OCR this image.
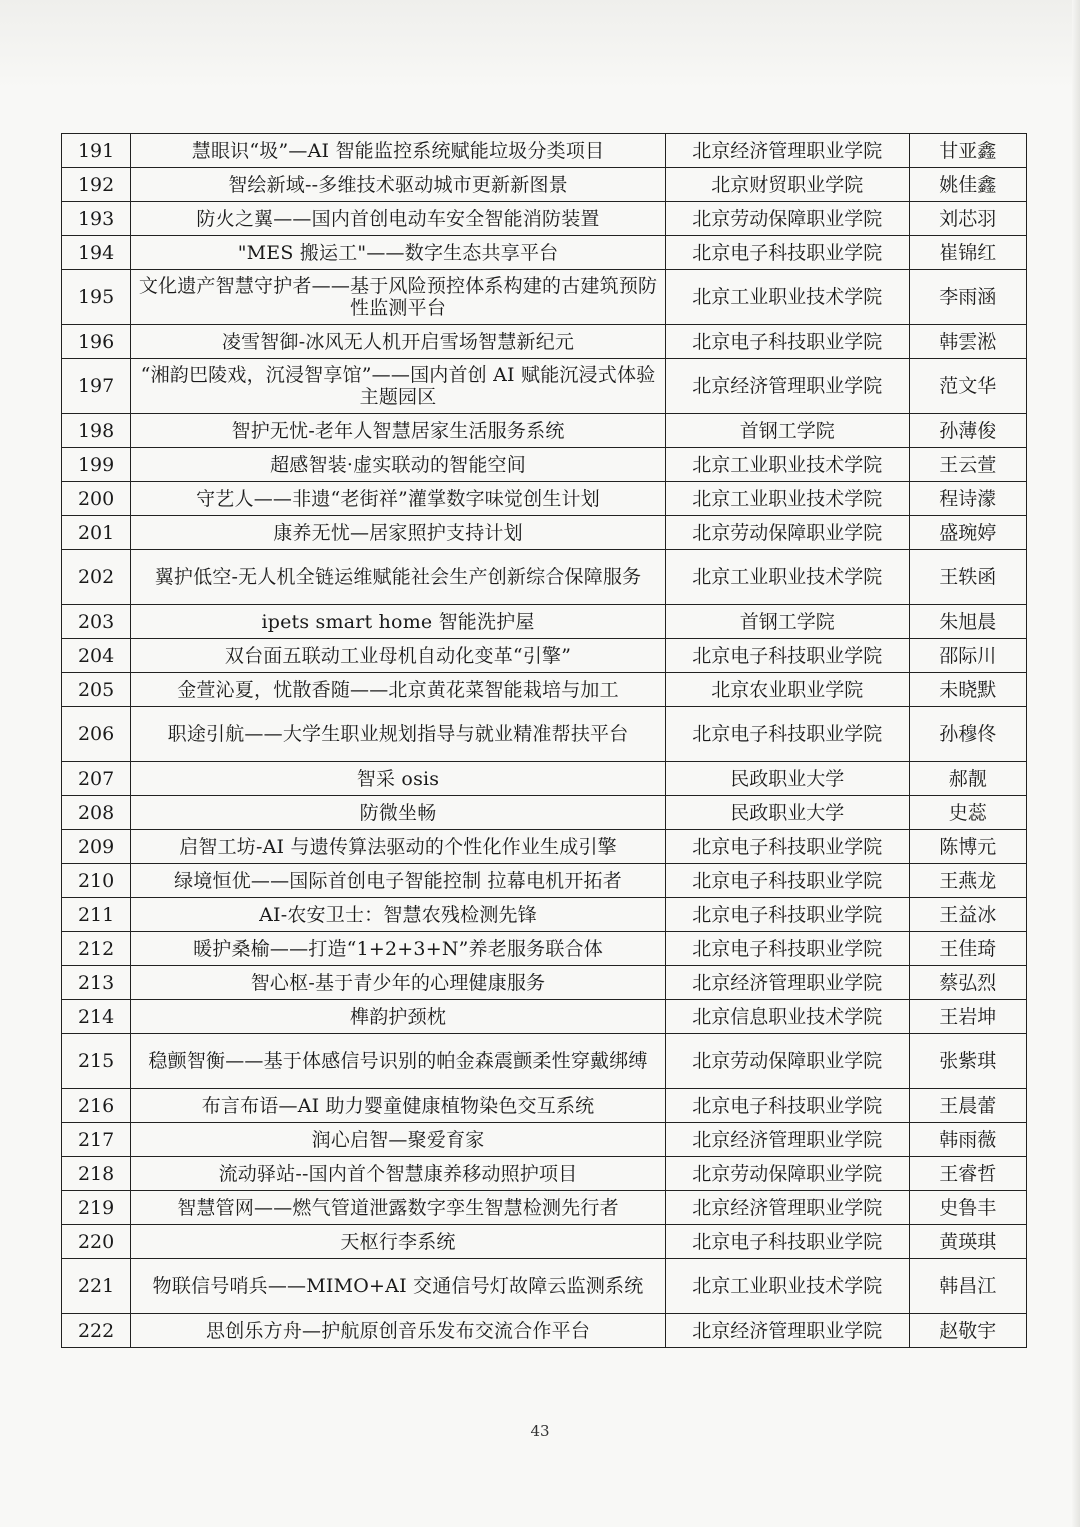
191	慧眼识“圾”—AI 智能监控系统赋能垃圾分类项目	北京经济管理职业学院	甘亚鑫
192	智绘新域--多维技术驱动城市更新新图景	北京财贸职业学院	姚佳鑫
193	防火之翼——国内首创电动车安全智能消防装置	北京劳动保障职业学院	刘芯羽
194	"MES 搬运工"——数字生态共享平台	北京电子科技职业学院	崔锦红
195	文化遗产智慧守护者——基于风险预控体系构建的古建筑预防性监测平台	北京工业职业技术学院	李雨涵
196	凌雪智御-冰风无人机开启雪场智慧新纪元	北京电子科技职业学院	韩雲淞
197	“湘韵巴陵戏，沉浸智享馆”——国内首创 AI 赋能沉浸式体验主题园区	北京经济管理职业学院	范文华
198	智护无忧-老年人智慧居家生活服务系统	首钢工学院	孙薄俊
199	超感智装·虚实联动的智能空间	北京工业职业技术学院	王云萱
200	守艺人——非遗“老街祥”灌掌数字味觉创生计划	北京工业职业技术学院	程诗濛
201	康养无忧—居家照护支持计划	北京劳动保障职业学院	盛琬婷
202	翼护低空-无人机全链运维赋能社会生产创新综合保障服务	北京工业职业技术学院	王轶函
203	ipets smart home 智能洗护屋	首钢工学院	朱旭晨
204	双台面五联动工业母机自动化变革“引擎”	北京电子科技职业学院	邵际川
205	金萱沁夏，忧散香随——北京黄花菜智能栽培与加工	北京农业职业学院	未晓默
206	职途引航——大学生职业规划指导与就业精准帮扶平台	北京电子科技职业学院	孙穆佟
207	智采 osis	民政职业大学	郝靓
208	防微坐畅	民政职业大学	史蕊
209	启智工坊-AI 与遗传算法驱动的个性化作业生成引擎	北京电子科技职业学院	陈博元
210	绿境恒优——国际首创电子智能控制 拉幕电机开拓者	北京电子科技职业学院	王燕龙
211	AI-农安卫士：智慧农残检测先锋	北京电子科技职业学院	王益冰
212	暖护桑榆——打造“1+2+3+N”养老服务联合体	北京电子科技职业学院	王佳琦
213	智心枢-基于青少年的心理健康服务	北京经济管理职业学院	蔡弘烈
214	榫韵护颈枕	北京信息职业技术学院	王岩坤
215	稳颤智衡——基于体感信号识别的帕金森震颤柔性穿戴绑缚	北京劳动保障职业学院	张紫琪
216	布言布语—AI 助力婴童健康植物染色交互系统	北京电子科技职业学院	王晨蕾
217	润心启智—聚爱育家	北京经济管理职业学院	韩雨薇
218	流动驿站--国内首个智慧康养移动照护项目	北京劳动保障职业学院	王睿哲
219	智慧管网——燃气管道泄露数字孪生智慧检测先行者	北京经济管理职业学院	史鲁丰
220	天枢行李系统	北京电子科技职业学院	黄瑛琪
221	物联信号哨兵——MIMO+AI 交通信号灯故障云监测系统	北京工业职业技术学院	韩昌江
222	思创乐方舟—护航原创音乐发布交流合作平台	北京经济管理职业学院	赵敬宇
43
